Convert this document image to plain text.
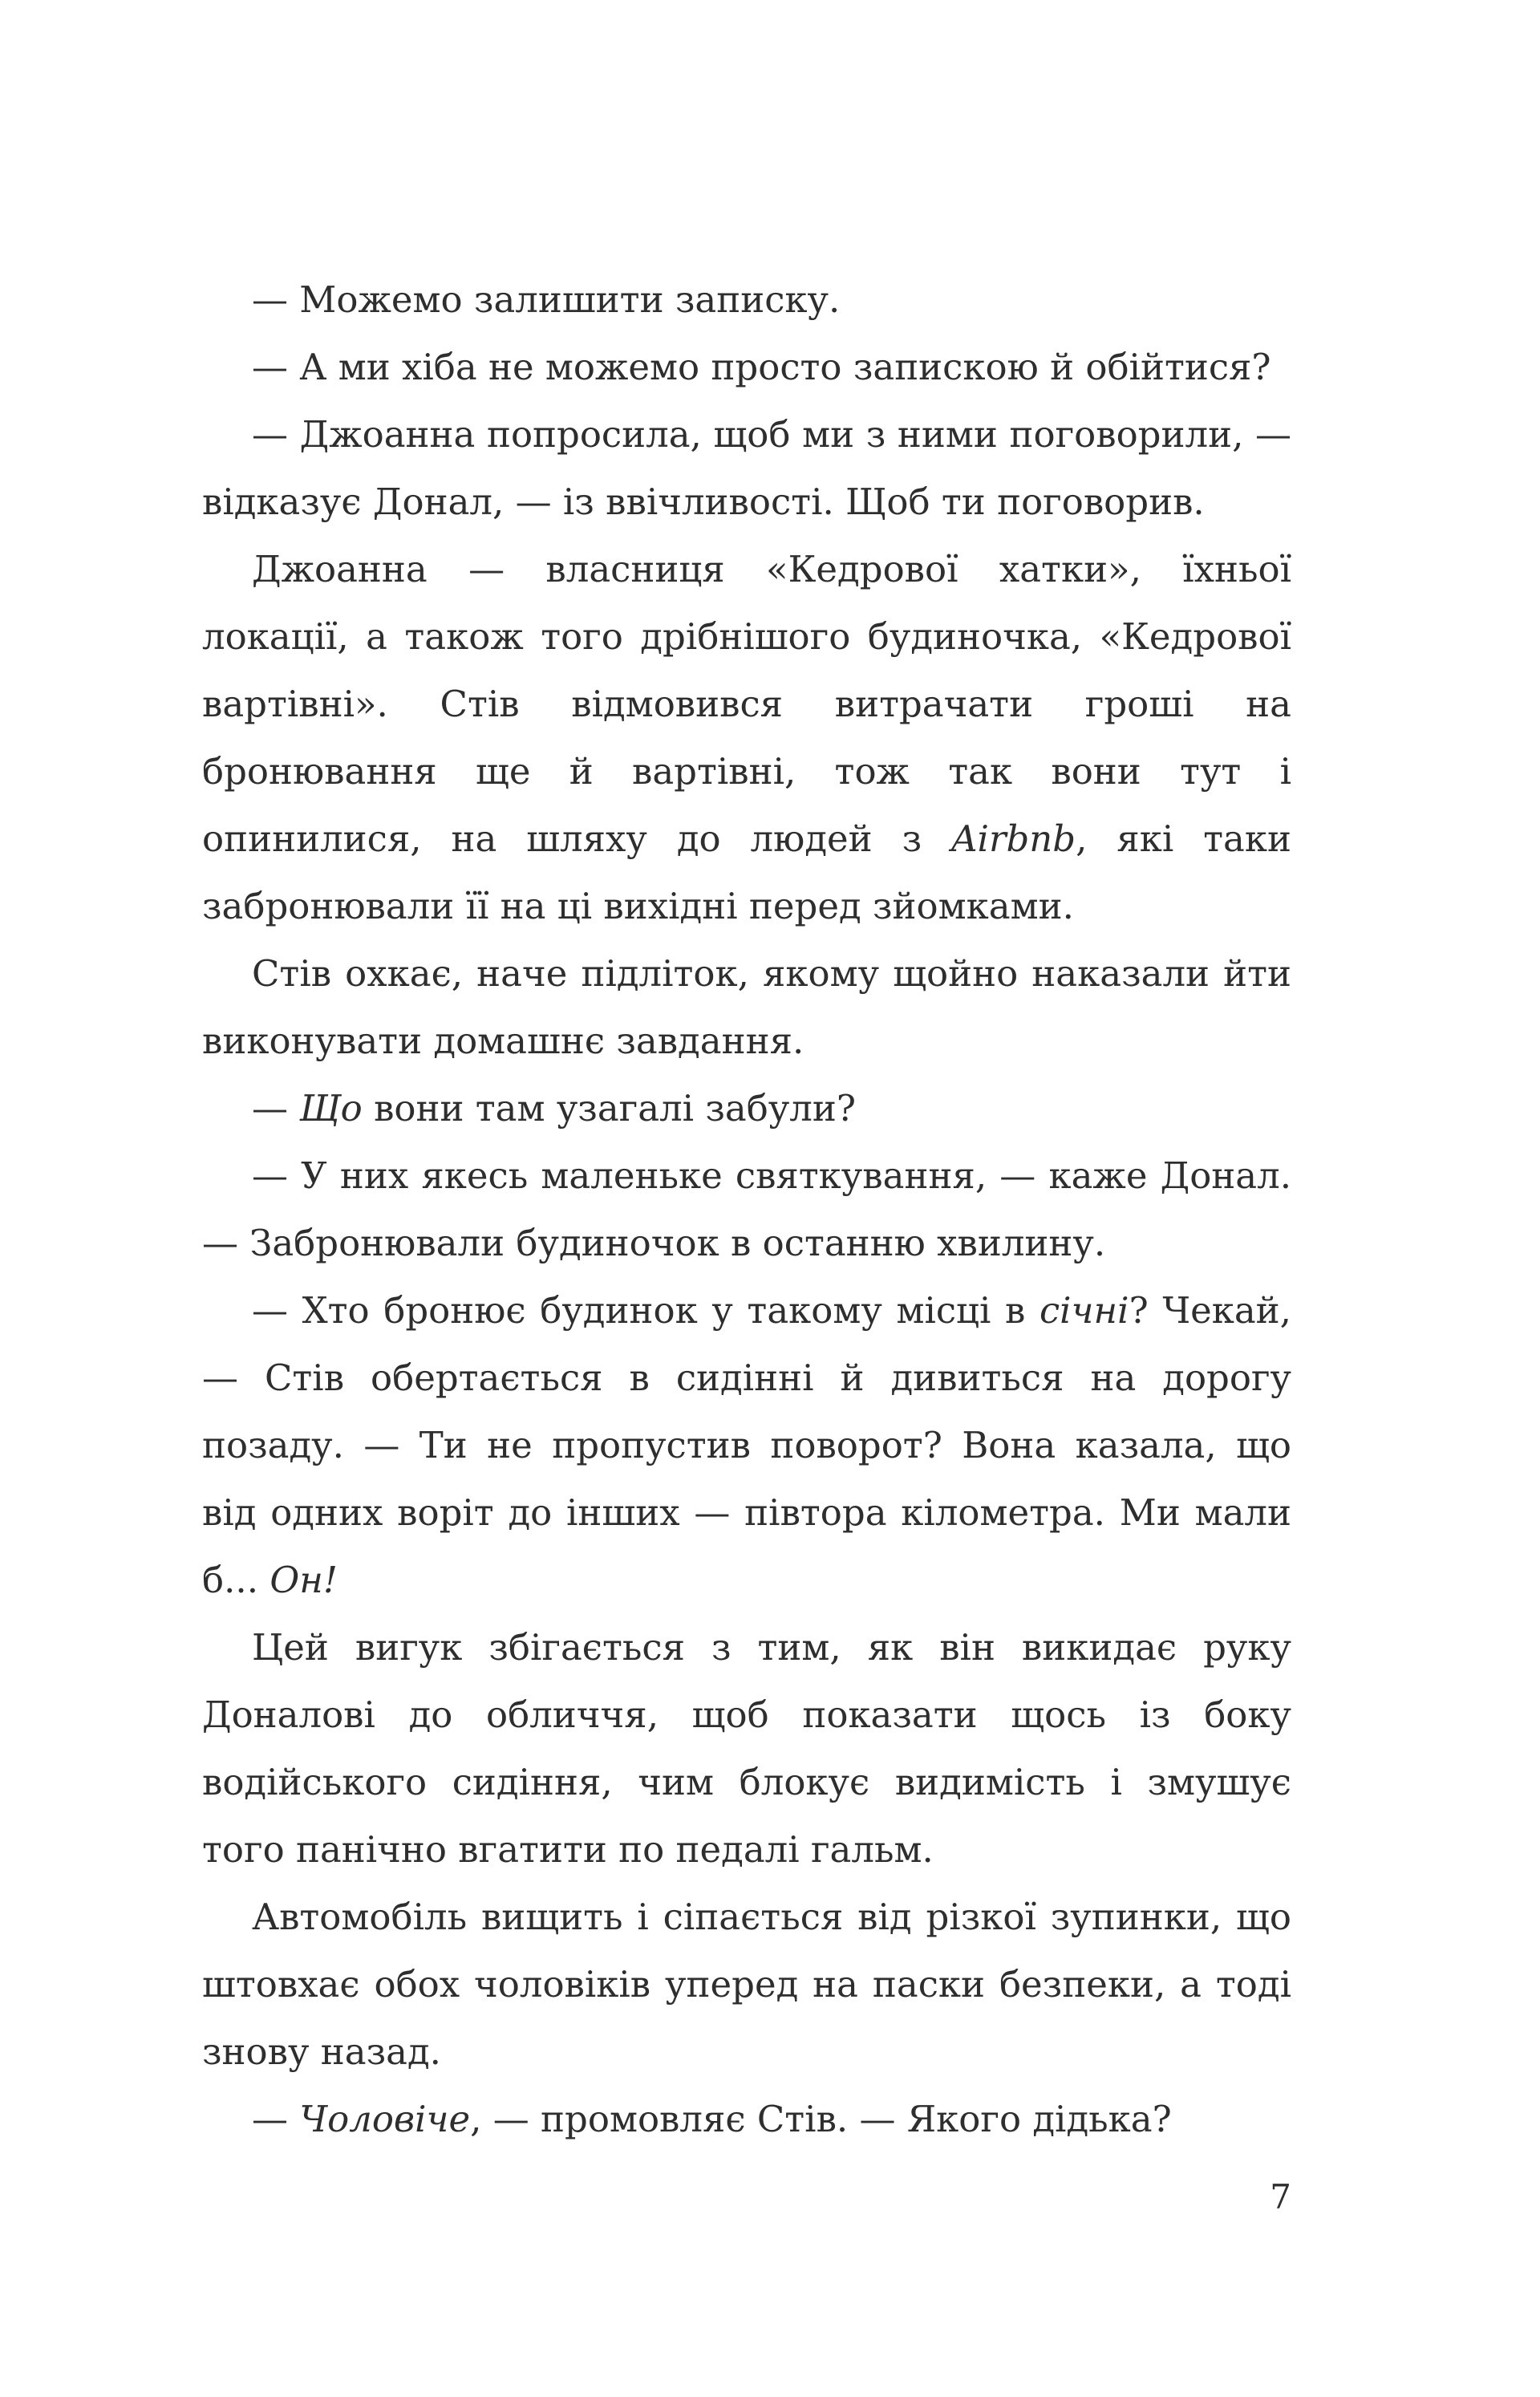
— Можемо залишити записку.

— А ми хіба не можемо просто запискою й обійтися?

— Джоанна попросила, щоб ми з ними поговорили, — відказує Донал, — із ввічливості. Щоб ти поговорив.

Джоанна — власниця «Кедрової хатки», їхньої локації, а також того дрібнішого будиночка, «Кедрової вартівні». Стів відмовився витрачати гроші на бронювання ще й вартівні, тож так вони тут і опинилися, на шляху до людей з Airbnb, які таки забронювали її на ці вихідні перед зйомками.

Стів охкає, наче підліток, якому щойно наказали йти виконувати домашнє завдання.

— Що вони там узагалі забули?

— У них якесь маленьке святкування, — каже Донал. — Забронювали будиночок в останню хвилину.

— Хто бронює будинок у такому місці в січні? Чекай, — Стів обертається в сидінні й дивиться на дорогу позаду. — Ти не пропустив поворот? Вона казала, що від одних воріт до інших — півтора кілометра. Ми мали б... Он!

Цей вигук збігається з тим, як він викидає руку Доналові до обличчя, щоб показати щось із боку водійського сидіння, чим блокує видимість і змушує того панічно вгатити по педалі гальм.

Автомобіль вищить і сіпається від різкої зупинки, що штовхає обох чоловіків уперед на паски безпеки, а тоді знову назад.

— Чоловіче, — промовляє Стів. — Якого дідька?

7
